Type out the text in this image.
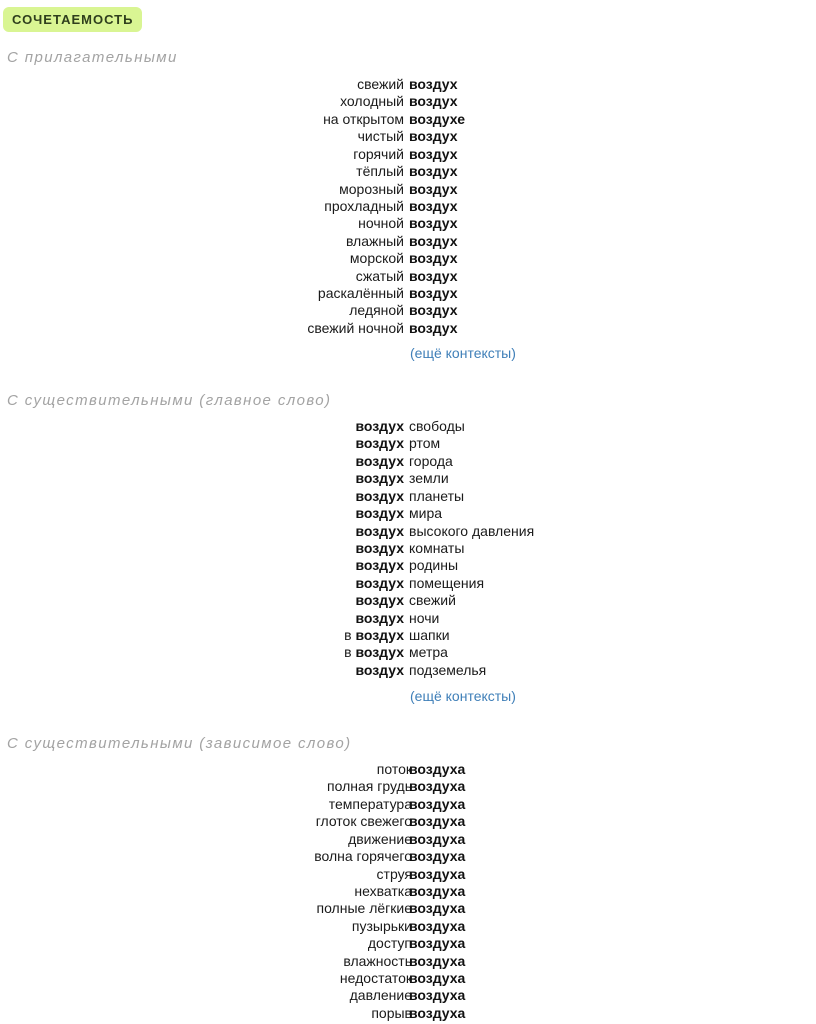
СОЧЕТАЕМОСТЬ
С прилагательными
свежий воздух
холодный воздух
на открытом воздухе
чистый воздух
горячий воздух
тёплый воздух
морозный воздух
прохладный воздух
ночной воздух
влажный воздух
морской воздух
сжатый воздух
раскалённый воздух
ледяной воздух
свежий ночной воздух
(ещё контексты)
С существительными (главное слово)
воздух свободы
воздух ртом
воздух города
воздух земли
воздух планеты
воздух мира
воздух высокого давления
воздух комнаты
воздух родины
воздух помещения
воздух свежий
воздух ночи
в воздух шапки
в воздух метра
воздух подземелья
(ещё контексты)
С существительными (зависимое слово)
поток
воздуха
полная грудь
воздуха
температура
воздуха
глоток свежего
воздуха
движение
воздуха
волна горячего
воздуха
струя
воздуха
нехватка
воздуха
полные лёгкие
воздуха
пузырьки
воздуха
доступ
воздуха
влажность
воздуха
недостаток
воздуха
давление
воздуха
порыв
воздуха
